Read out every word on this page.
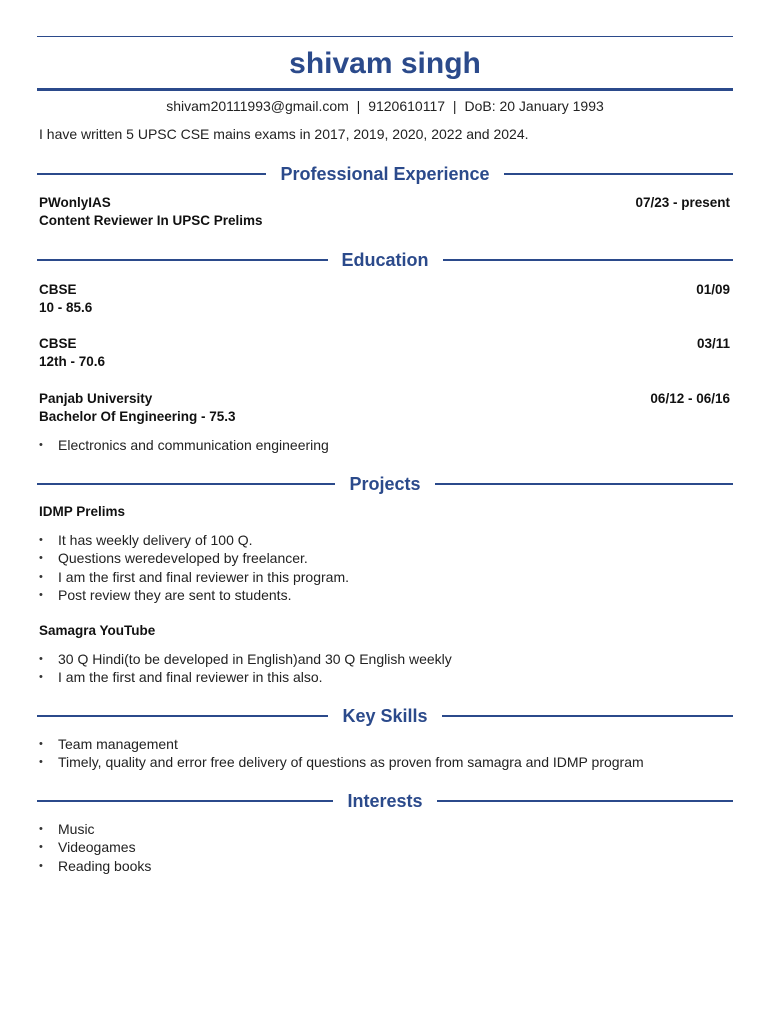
shivam singh
shivam20111993@gmail.com | 9120610117 | DoB: 20 January 1993
I have written 5 UPSC CSE mains exams in 2017, 2019, 2020, 2022 and 2024.
Professional Experience
PWonlyIAS	07/23 - present
Content Reviewer In UPSC Prelims
Education
CBSE	01/09
10 - 85.6
CBSE	03/11
12th - 70.6
Panjab University	06/12 - 06/16
Bachelor Of Engineering - 75.3
• Electronics and communication engineering
Projects
IDMP Prelims
• It has weekly delivery of 100 Q.
• Questions weredeveloped by freelancer.
• I am the first and final reviewer in this program.
• Post review they are sent to students.
Samagra YouTube
• 30 Q Hindi(to be developed in English)and 30 Q English weekly
• I am the first and final reviewer in this also.
Key Skills
• Team management
• Timely, quality and error free delivery of questions as proven from samagra and IDMP program
Interests
• Music
• Videogames
• Reading books
